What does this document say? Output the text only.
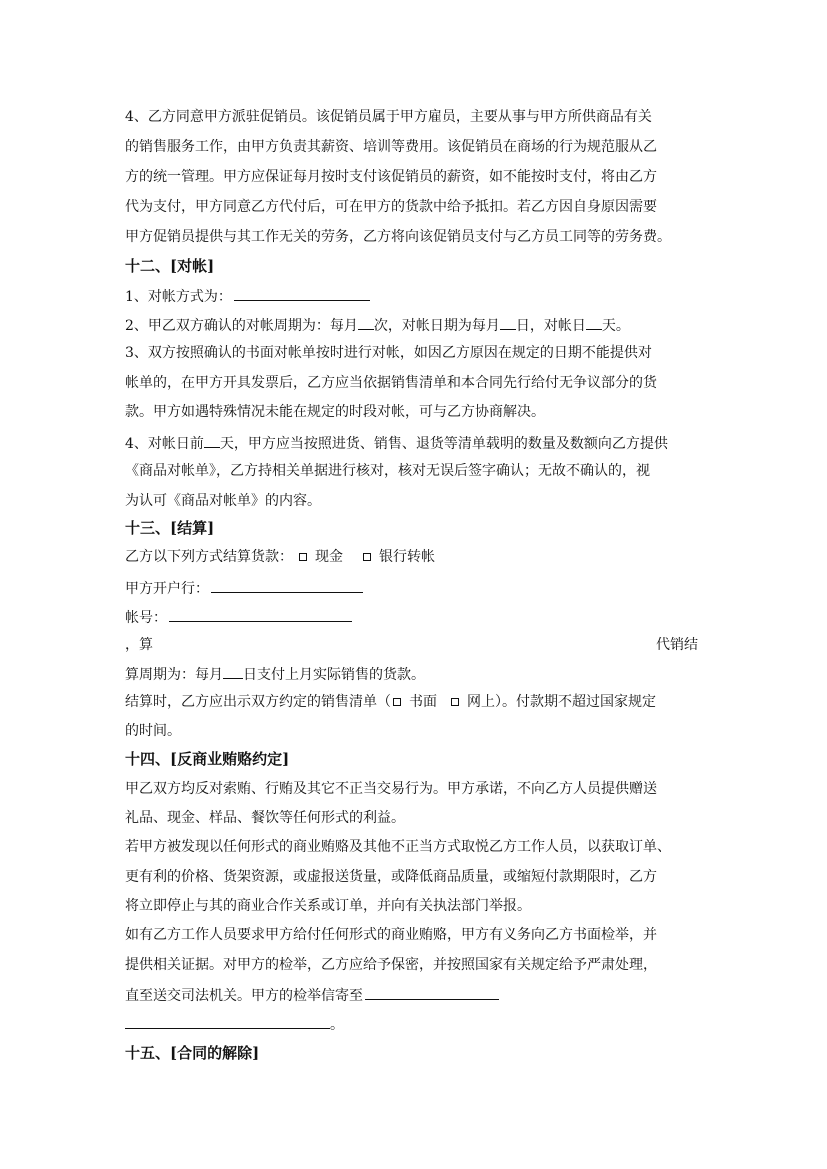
4、乙方同意甲方派驻促销员。该促销员属于甲方雇员，主要从事与甲方所供商品有关
的销售服务工作，由甲方负责其薪资、培训等费用。该促销员在商场的行为规范服从乙
方的统一管理。甲方应保证每月按时支付该促销员的薪资，如不能按时支付，将由乙方
代为支付，甲方同意乙方代付后，可在甲方的货款中给予抵扣。若乙方因自身原因需要
甲方促销员提供与其工作无关的劳务，乙方将向该促销员支付与乙方员工同等的劳务费。
十二、[对帐]
1、对帐方式为：
2、甲乙双方确认的对帐周期为：每月 次，对帐日期为每月 日，对帐日 天。
3、双方按照确认的书面对帐单按时进行对帐，如因乙方原因在规定的日期不能提供对
帐单的，在甲方开具发票后，乙方应当依据销售清单和本合同先行给付无争议部分的货
款。甲方如遇特殊情况未能在规定的时段对帐，可与乙方协商解决。
4、对帐日前 天，甲方应当按照进货、销售、退货等清单载明的数量及数额向乙方提供
《商品对帐单》，乙方持相关单据进行核对，核对无误后签字确认；无故不确认的，视
为认可《商品对帐单》的内容。
十三、[结算]
乙方以下列方式结算货款： 现金	银行转帐
甲方开户行：
帐号：
，算	代销结
算周期为：每月 日支付上月实际销售的货款。
结算时，乙方应出示双方约定的销售清单（ 书面 网上）。付款期不超过国家规定
的时间。
十四、[反商业贿赂约定]
甲乙双方均反对索贿、行贿及其它不正当交易行为。甲方承诺，不向乙方人员提供赠送
礼品、现金、样品、餐饮等任何形式的利益。
若甲方被发现以任何形式的商业贿赂及其他不正当方式取悦乙方工作人员，以获取订单、
更有利的价格、货架资源，或虚报送货量，或降低商品质量，或缩短付款期限时，乙方
将立即停止与其的商业合作关系或订单，并向有关执法部门举报。
如有乙方工作人员要求甲方给付任何形式的商业贿赂，甲方有义务向乙方书面检举，并
提供相关证据。对甲方的检举，乙方应给予保密，并按照国家有关规定给予严肃处理，
直至送交司法机关。甲方的检举信寄至
。
十五、[合同的解除]
